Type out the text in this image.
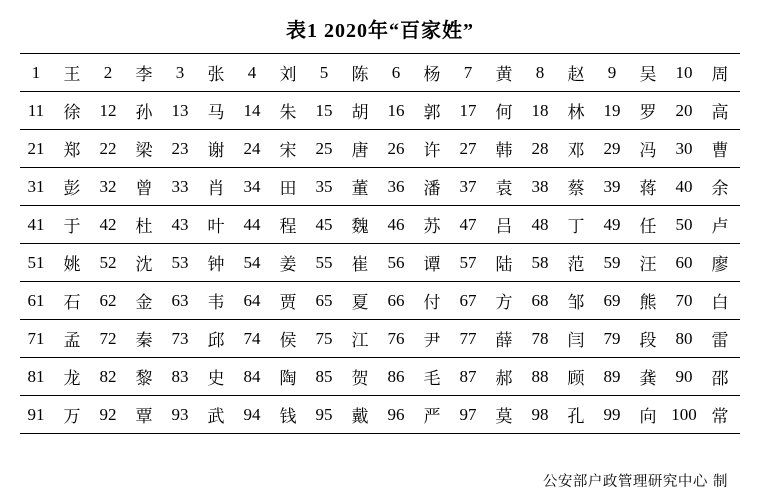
表1 2020年“百家姓”
1	王	2	李	3	张	4	刘	5	陈	6	杨	7	黄	8	赵	9	吴	10	周
11	徐	12	孙	13	马	14	朱	15	胡	16	郭	17	何	18	林	19	罗	20	高
21	郑	22	梁	23	谢	24	宋	25	唐	26	许	27	韩	28	邓	29	冯	30	曹
31	彭	32	曾	33	肖	34	田	35	董	36	潘	37	袁	38	蔡	39	蒋	40	余
41	于	42	杜	43	叶	44	程	45	魏	46	苏	47	吕	48	丁	49	任	50	卢
51	姚	52	沈	53	钟	54	姜	55	崔	56	谭	57	陆	58	范	59	汪	60	廖
61	石	62	金	63	韦	64	贾	65	夏	66	付	67	方	68	邹	69	熊	70	白
71	孟	72	秦	73	邱	74	侯	75	江	76	尹	77	薛	78	闫	79	段	80	雷
81	龙	82	黎	83	史	84	陶	85	贺	86	毛	87	郝	88	顾	89	龚	90	邵
91	万	92	覃	93	武	94	钱	95	戴	96	严	97	莫	98	孔	99	向	100	常
公安部户政管理研究中心 制
